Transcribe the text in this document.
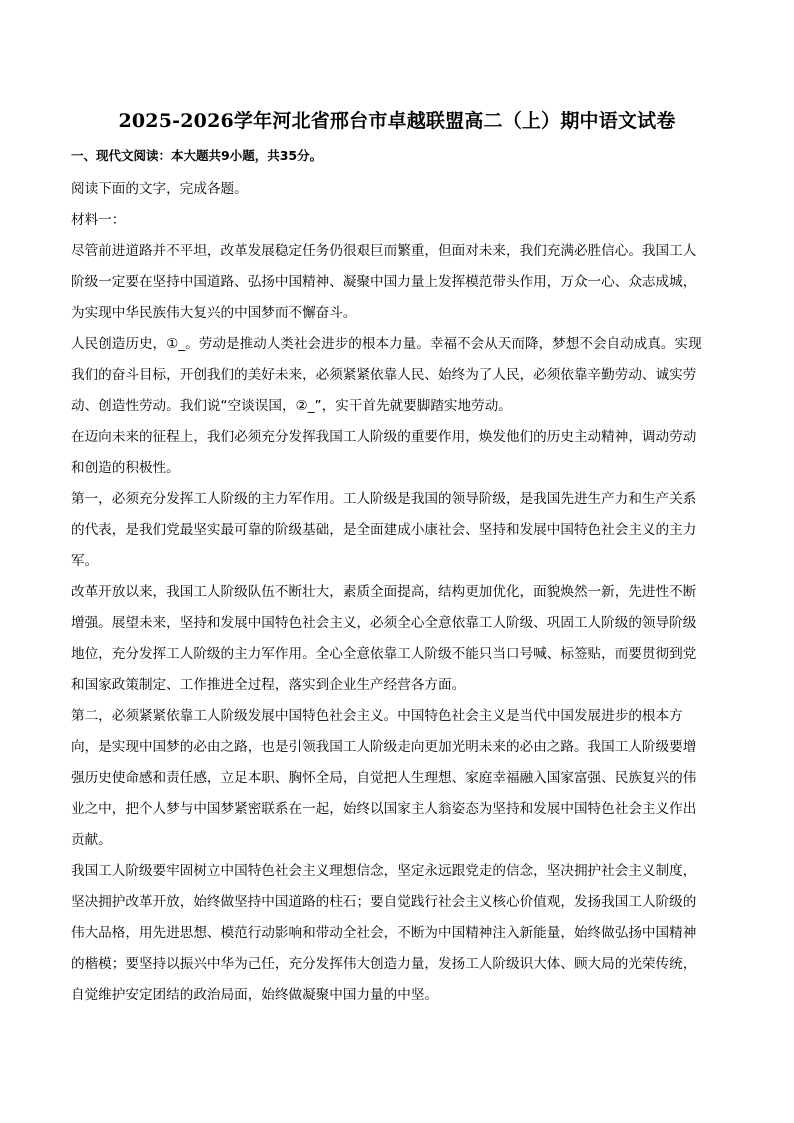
2025-2026学年河北省邢台市卓越联盟高二（上）期中语文试卷
一、现代文阅读：本大题共9小题，共35分。

阅读下面的文字，完成各题。

材料一：

尽管前进道路并不平坦，改革发展稳定任务仍很艰巨而繁重，但面对未来，我们充满必胜信心。我国工人

阶级一定要在坚持中国道路、弘扬中国精神、凝聚中国力量上发挥模范带头作用，万众一心、众志成城，

为实现中华民族伟大复兴的中国梦而不懈奋斗。

人民创造历史，①_。劳动是推动人类社会进步的根本力量。幸福不会从天而降，梦想不会自动成真。实现

我们的奋斗目标，开创我们的美好未来，必须紧紧依靠人民、始终为了人民，必须依靠辛勤劳动、诚实劳

动、创造性劳动。我们说“空谈误国，②_”，实干首先就要脚踏实地劳动。

在迈向未来的征程上，我们必须充分发挥我国工人阶级的重要作用，焕发他们的历史主动精神，调动劳动

和创造的积极性。

第一，必须充分发挥工人阶级的主力军作用。工人阶级是我国的领导阶级，是我国先进生产力和生产关系

的代表，是我们党最坚实最可靠的阶级基础，是全面建成小康社会、坚持和发展中国特色社会主义的主力

军。

改革开放以来，我国工人阶级队伍不断壮大，素质全面提高，结构更加优化，面貌焕然一新，先进性不断

增强。展望未来，坚持和发展中国特色社会主义，必须全心全意依靠工人阶级、巩固工人阶级的领导阶级

地位，充分发挥工人阶级的主力军作用。全心全意依靠工人阶级不能只当口号喊、标签贴，而要贯彻到党

和国家政策制定、工作推进全过程，落实到企业生产经营各方面。

第二，必须紧紧依靠工人阶级发展中国特色社会主义。中国特色社会主义是当代中国发展进步的根本方

向，是实现中国梦的必由之路，也是引领我国工人阶级走向更加光明未来的必由之路。我国工人阶级要增

强历史使命感和责任感，立足本职、胸怀全局，自觉把人生理想、家庭幸福融入国家富强、民族复兴的伟

业之中，把个人梦与中国梦紧密联系在一起，始终以国家主人翁姿态为坚持和发展中国特色社会主义作出

贡献。

我国工人阶级要牢固树立中国特色社会主义理想信念，坚定永远跟党走的信念，坚决拥护社会主义制度，

坚决拥护改革开放，始终做坚持中国道路的柱石；要自觉践行社会主义核心价值观，发扬我国工人阶级的

伟大品格，用先进思想、模范行动影响和带动全社会，不断为中国精神注入新能量，始终做弘扬中国精神

的楷模；要坚持以振兴中华为己任，充分发挥伟大创造力量，发扬工人阶级识大体、顾大局的光荣传统，

自觉维护安定团结的政治局面，始终做凝聚中国力量的中坚。
